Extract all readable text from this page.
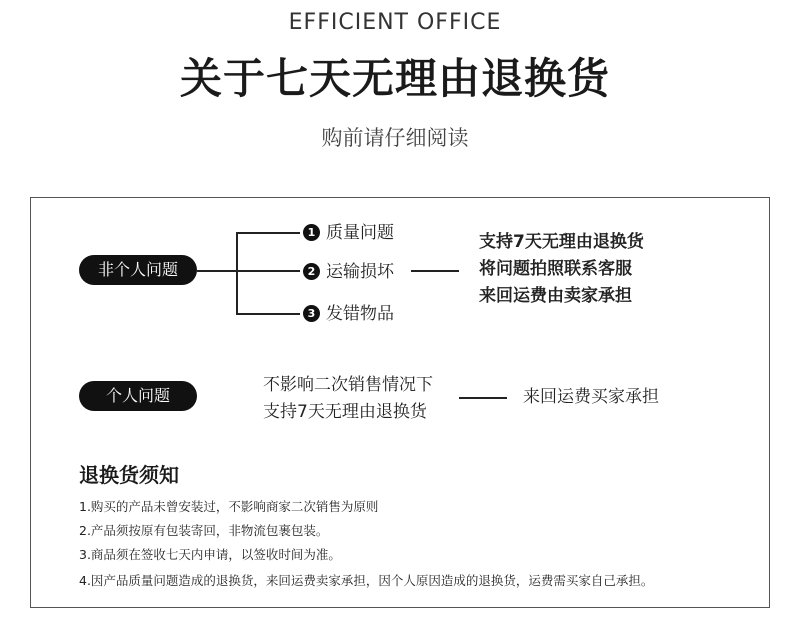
EFFICIENT OFFICE
关于七天无理由退换货
购前请仔细阅读
非个人问题
1 质量问题
2 运输损坏
3 发错物品
支持7天无理由退换货
将问题拍照联系客服
来回运费由卖家承担
个人问题
不影响二次销售情况下
支持7天无理由退换货
来回运费买家承担
退换货须知
1.购买的产品未曾安装过，不影响商家二次销售为原则
2.产品须按原有包装寄回，非物流包裹包装。
3.商品须在签收七天内申请，以签收时间为准。
4.因产品质量问题造成的退换货，来回运费卖家承担，因个人原因造成的退换货，运费需买家自己承担。
